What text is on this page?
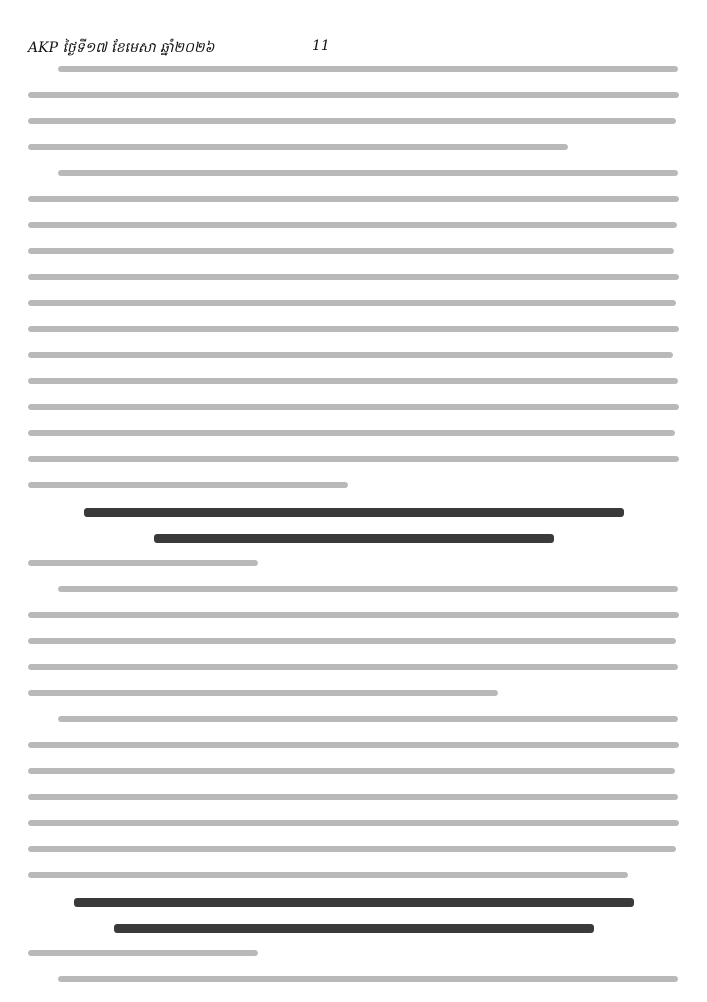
AKP ថ្ងៃទី១៧ ខែមេសា ឆ្នាំ២០២៦	11
